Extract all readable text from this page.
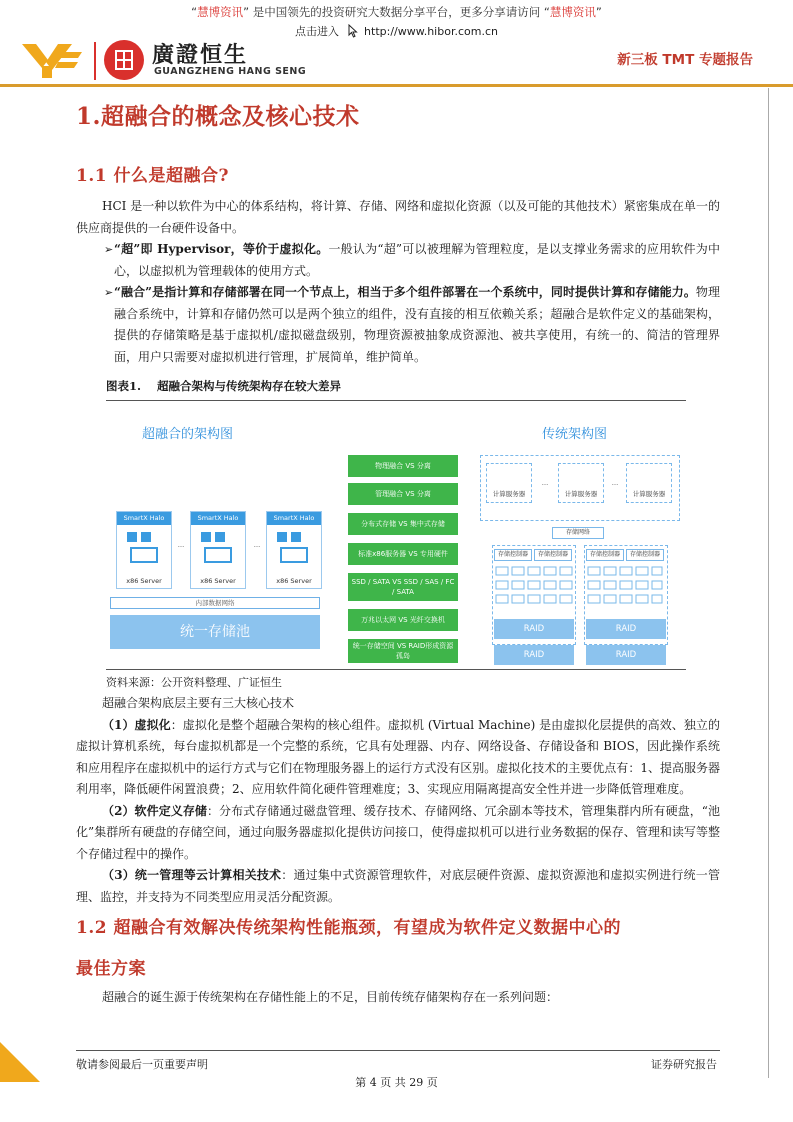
“慧博资讯” 是中国领先的投资研究大数据分享平台，更多分享请访问 “慧博资讯”
点击进入 http://www.hibor.com.cn
廣證恒生
GUANGZHENG HANG SENG
新三板 TMT 专题报告
1.超融合的概念及核心技术
1.1 什么是超融合?
HCI 是一种以软件为中心的体系结构，将计算、存储、网络和虚拟化资源（以及可能的其他技术）紧密集成在单一的供应商提供的一台硬件设备中。
➢ “超”即 Hypervisor，等价于虚拟化。一般认为“超”可以被理解为管理粒度，是以支撑业务需求的应用软件为中心，以虚拟机为管理载体的使用方式。
➢ “融合”是指计算和存储部署在同一个节点上，相当于多个组件部署在一个系统中，同时提供计算和存储能力。物理融合系统中，计算和存储仍然可以是两个独立的组件，没有直接的相互依赖关系；超融合是软件定义的基础架构，提供的存储策略是基于虚拟机/虚拟磁盘级别，物理资源被抽象成资源池、被共享使用，有统一的、简洁的管理界面，用户只需要对虚拟机进行管理，扩展简单，维护简单。
图表1. 超融合架构与传统架构存在较大差异
超融合的架构图
SmartX Halo
x86 Server
SmartX Halo
x86 Server
SmartX Halo
x86 Server
…	…
内部数据网络
统一存储池
物理融合 VS 分离
管理融合 VS 分离
分布式存储 VS 集中式存储
标准x86服务器 VS 专用硬件
SSD / SATA VS SSD / SAS / FC / SATA
万兆以太网 VS 光纤交换机
统一存储空间 VS RAID形成资源孤岛
传统架构图
计算服务器	计算服务器	计算服务器
…	…
存储网络
存储控制器	存储控制器	存储控制器	存储控制器
RAID	RAID
RAID	RAID
资料来源：公开资料整理、广证恒生
超融合架构底层主要有三大核心技术
（1）虚拟化：虚拟化是整个超融合架构的核心组件。虚拟机 (Virtual Machine) 是由虚拟化层提供的高效、独立的虚拟计算机系统，每台虚拟机都是一个完整的系统，它具有处理器、内存、网络设备、存储设备和 BIOS，因此操作系统和应用程序在虚拟机中的运行方式与它们在物理服务器上的运行方式没有区别。虚拟化技术的主要优点有：1、提高服务器利用率，降低硬件闲置浪费；2、应用软件简化硬件管理难度；3、实现应用隔离提高安全性并进一步降低管理难度。
（2）软件定义存储：分布式存储通过磁盘管理、缓存技术、存储网络、冗余副本等技术，管理集群内所有硬盘，“池化”集群所有硬盘的存储空间，通过向服务器虚拟化提供访问接口，使得虚拟机可以进行业务数据的保存、管理和读写等整个存储过程中的操作。
（3）统一管理等云计算相关技术：通过集中式资源管理软件，对底层硬件资源、虚拟资源池和虚拟实例进行统一管理、监控，并支持为不同类型应用灵活分配资源。
1.2 超融合有效解决传统架构性能瓶颈，有望成为软件定义数据中心的
最佳方案
超融合的诞生源于传统架构在存储性能上的不足，目前传统存储架构存在一系列问题：
敬请参阅最后一页重要声明	证券研究报告
第 4 页 共 29 页
